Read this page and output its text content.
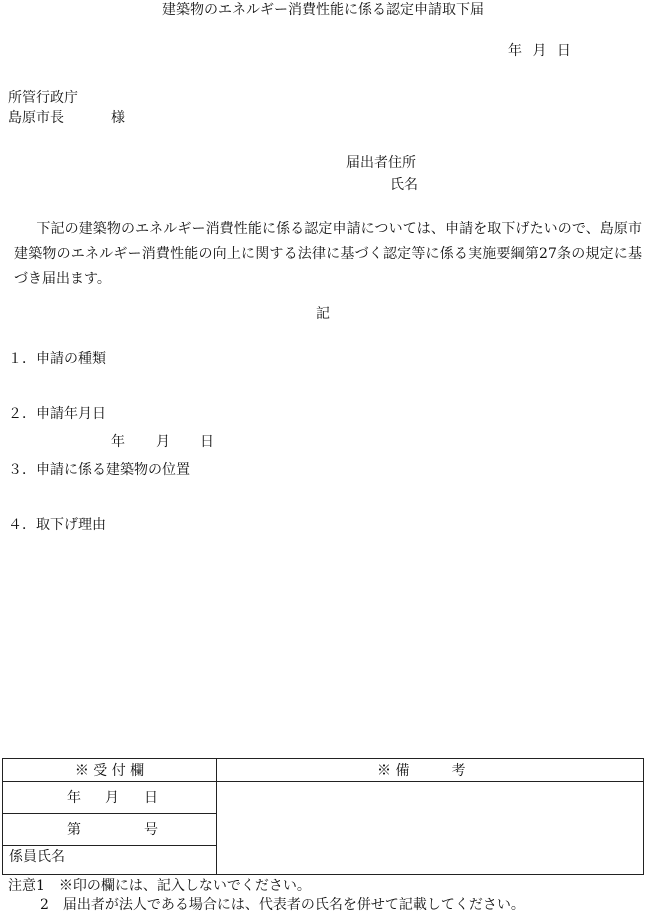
建築物のエネルギー消費性能に係る認定申請取下届
年 月 日
所管行政庁
島原市長	様
届出者住所
氏名
下記の建築物のエネルギー消費性能に係る認定申請については、申請を取下げたいので、島原市建築物のエネルギー消費性能の向上に関する法律に基づく認定等に係る実施要綱第27条の規定に基づき届出ます。
記
１．申請の種類
２．申請年月日
年 月 日
３．申請に係る建築物の位置
４．取下げ理由
※ 受 付 欄	※ 備　　　考
年 月 日
第	号
係員氏名
注意1　 ※印の欄には、記入しないでください。
2　 届出者が法人である場合には、代表者の氏名を併せて記載してください。
